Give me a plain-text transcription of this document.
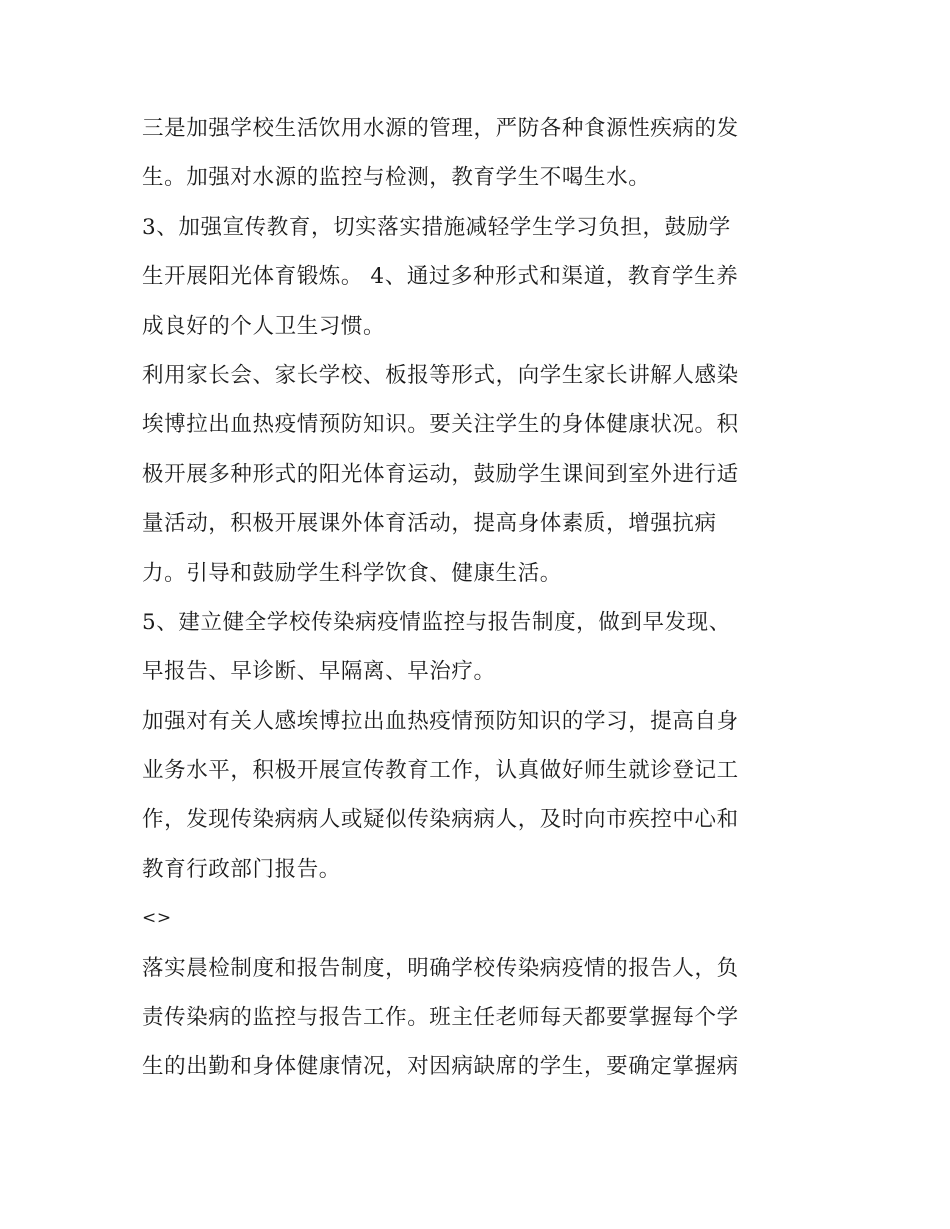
三是加强学校生活饮用水源的管理，严防各种食源性疾病的发
生。加强对水源的监控与检测，教育学生不喝生水。
3、加强宣传教育，切实落实措施减轻学生学习负担，鼓励学
生开展阳光体育锻炼。 4、通过多种形式和渠道，教育学生养
成良好的个人卫生习惯。
利用家长会、家长学校、板报等形式，向学生家长讲解人感染
埃博拉出血热疫情预防知识。要关注学生的身体健康状况。积
极开展多种形式的阳光体育运动，鼓励学生课间到室外进行适
量活动，积极开展课外体育活动，提高身体素质，增强抗病
力。引导和鼓励学生科学饮食、健康生活。
5、建立健全学校传染病疫情监控与报告制度，做到早发现、
早报告、早诊断、早隔离、早治疗。
加强对有关人感埃博拉出血热疫情预防知识的学习，提高自身
业务水平，积极开展宣传教育工作，认真做好师生就诊登记工
作，发现传染病病人或疑似传染病病人，及时向市疾控中心和
教育行政部门报告。
<>
落实晨检制度和报告制度，明确学校传染病疫情的报告人，负
责传染病的监控与报告工作。班主任老师每天都要掌握每个学
生的出勤和身体健康情况，对因病缺席的学生，要确定掌握病
